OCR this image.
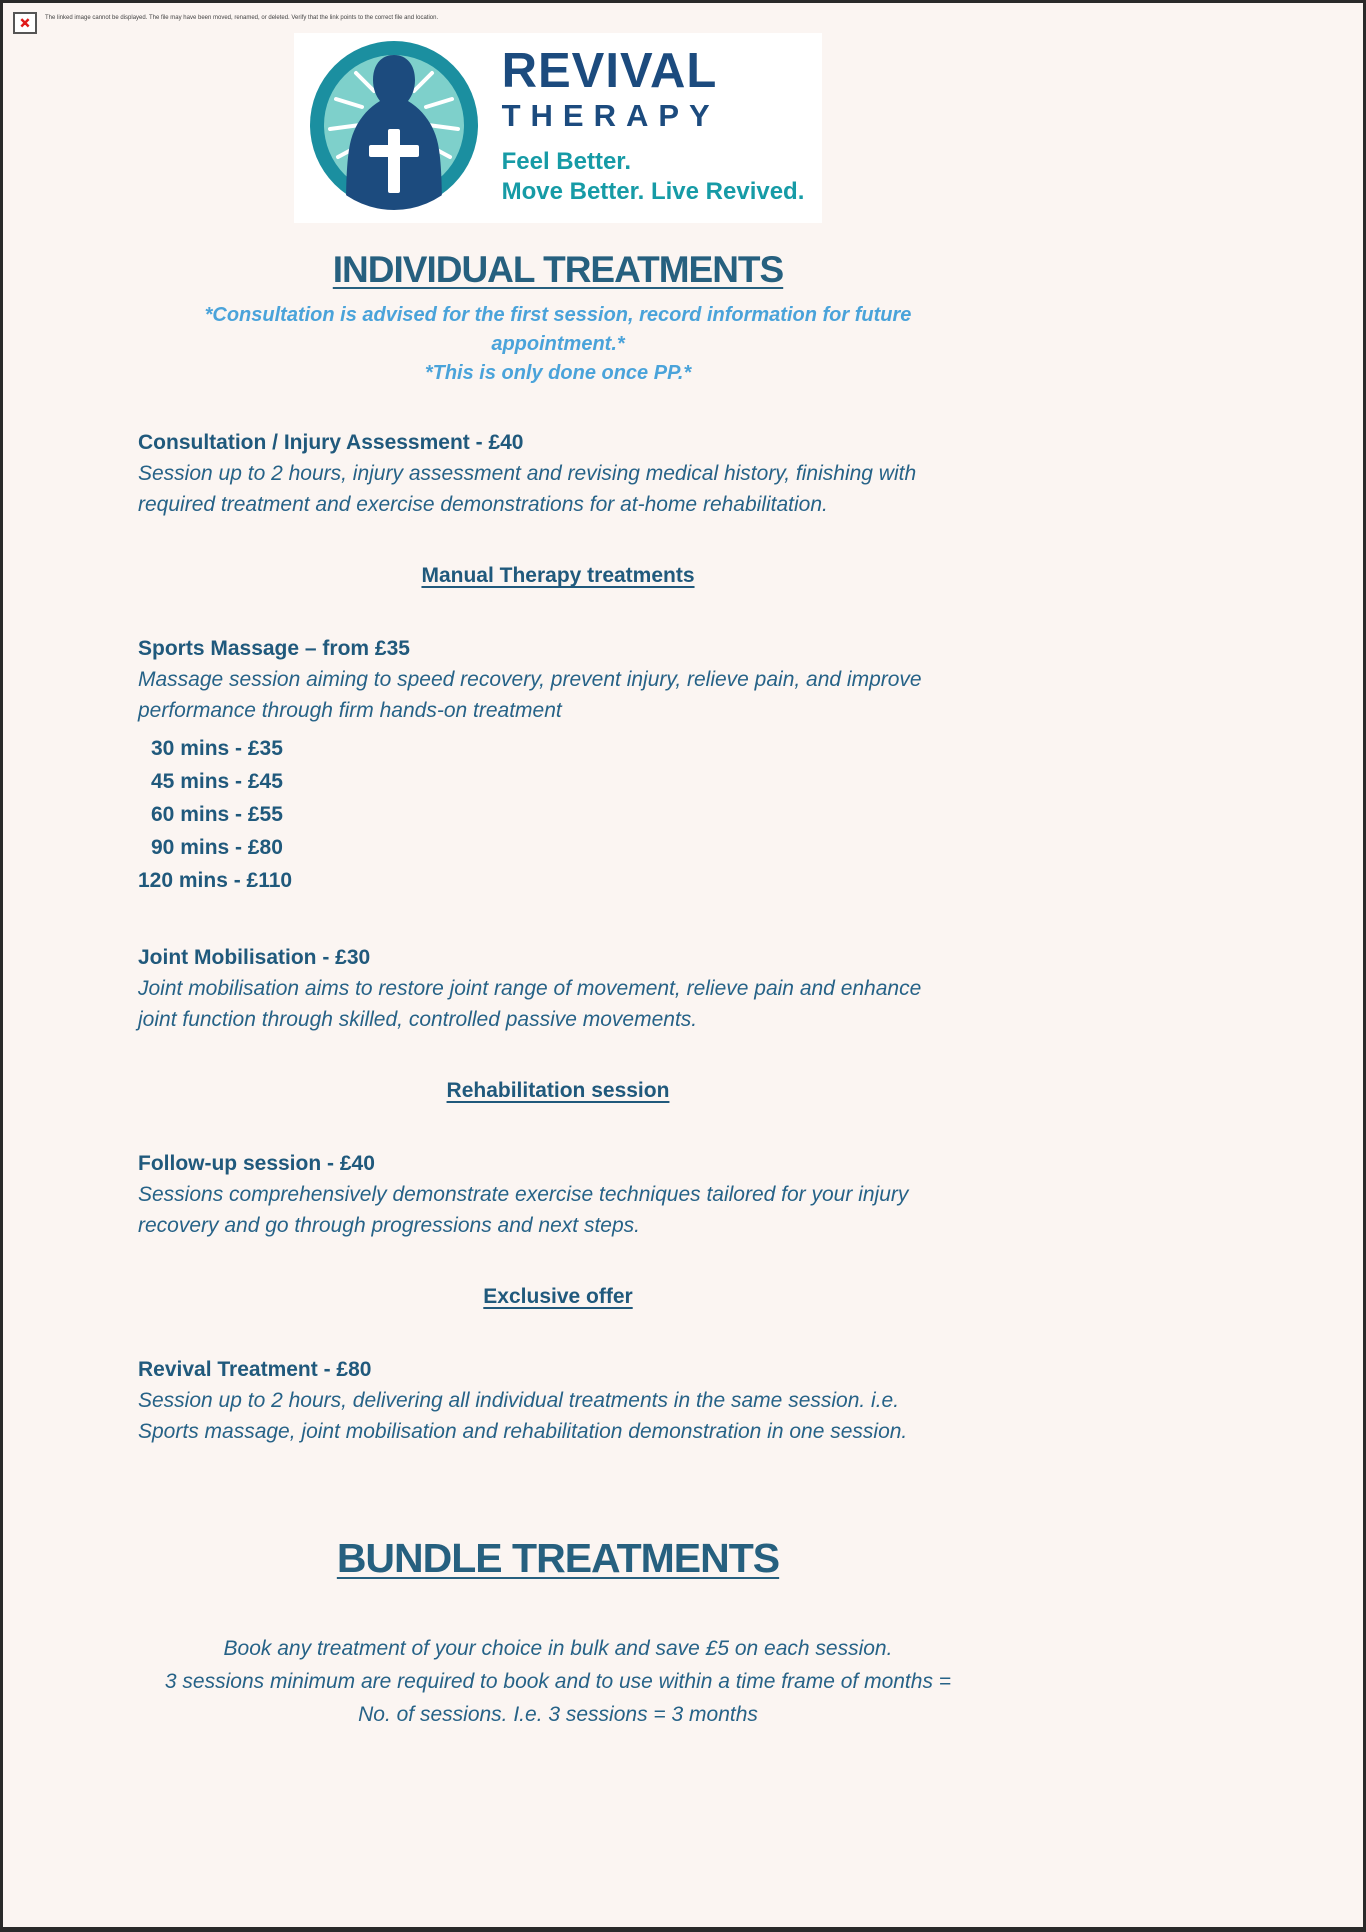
❌︎	The linked image cannot be displayed. The file may have been moved, renamed, or deleted. Verify that the link points to the correct file and location.
REVIVAL
THERAPY
Feel Better.
Move Better. Live Revived.
INDIVIDUAL TREATMENTS
*Consultation is advised for the first session, record information for future appointment.*
*This is only done once PP.*
Consultation / Injury Assessment - £40
Session up to 2 hours, injury assessment and revising medical history, finishing with
required treatment and exercise demonstrations for at-home rehabilitation.
Manual Therapy treatments
Sports Massage – from £35
Massage session aiming to speed recovery, prevent injury, relieve pain, and improve
performance through firm hands-on treatment
30 mins - £35
45 mins - £45
60 mins - £55
90 mins - £80
120 mins - £110
Joint Mobilisation - £30
Joint mobilisation aims to restore joint range of movement, relieve pain and enhance
joint function through skilled, controlled passive movements.
Rehabilitation session
Follow-up session - £40
Sessions comprehensively demonstrate exercise techniques tailored for your injury
recovery and go through progressions and next steps.
Exclusive offer
Revival Treatment - £80
Session up to 2 hours, delivering all individual treatments in the same session. i.e.
Sports massage, joint mobilisation and rehabilitation demonstration in one session.
BUNDLE TREATMENTS
Book any treatment of your choice in bulk and save £5 on each session.
3 sessions minimum are required to book and to use within a time frame of months =
No. of sessions. I.e. 3 sessions = 3 months
